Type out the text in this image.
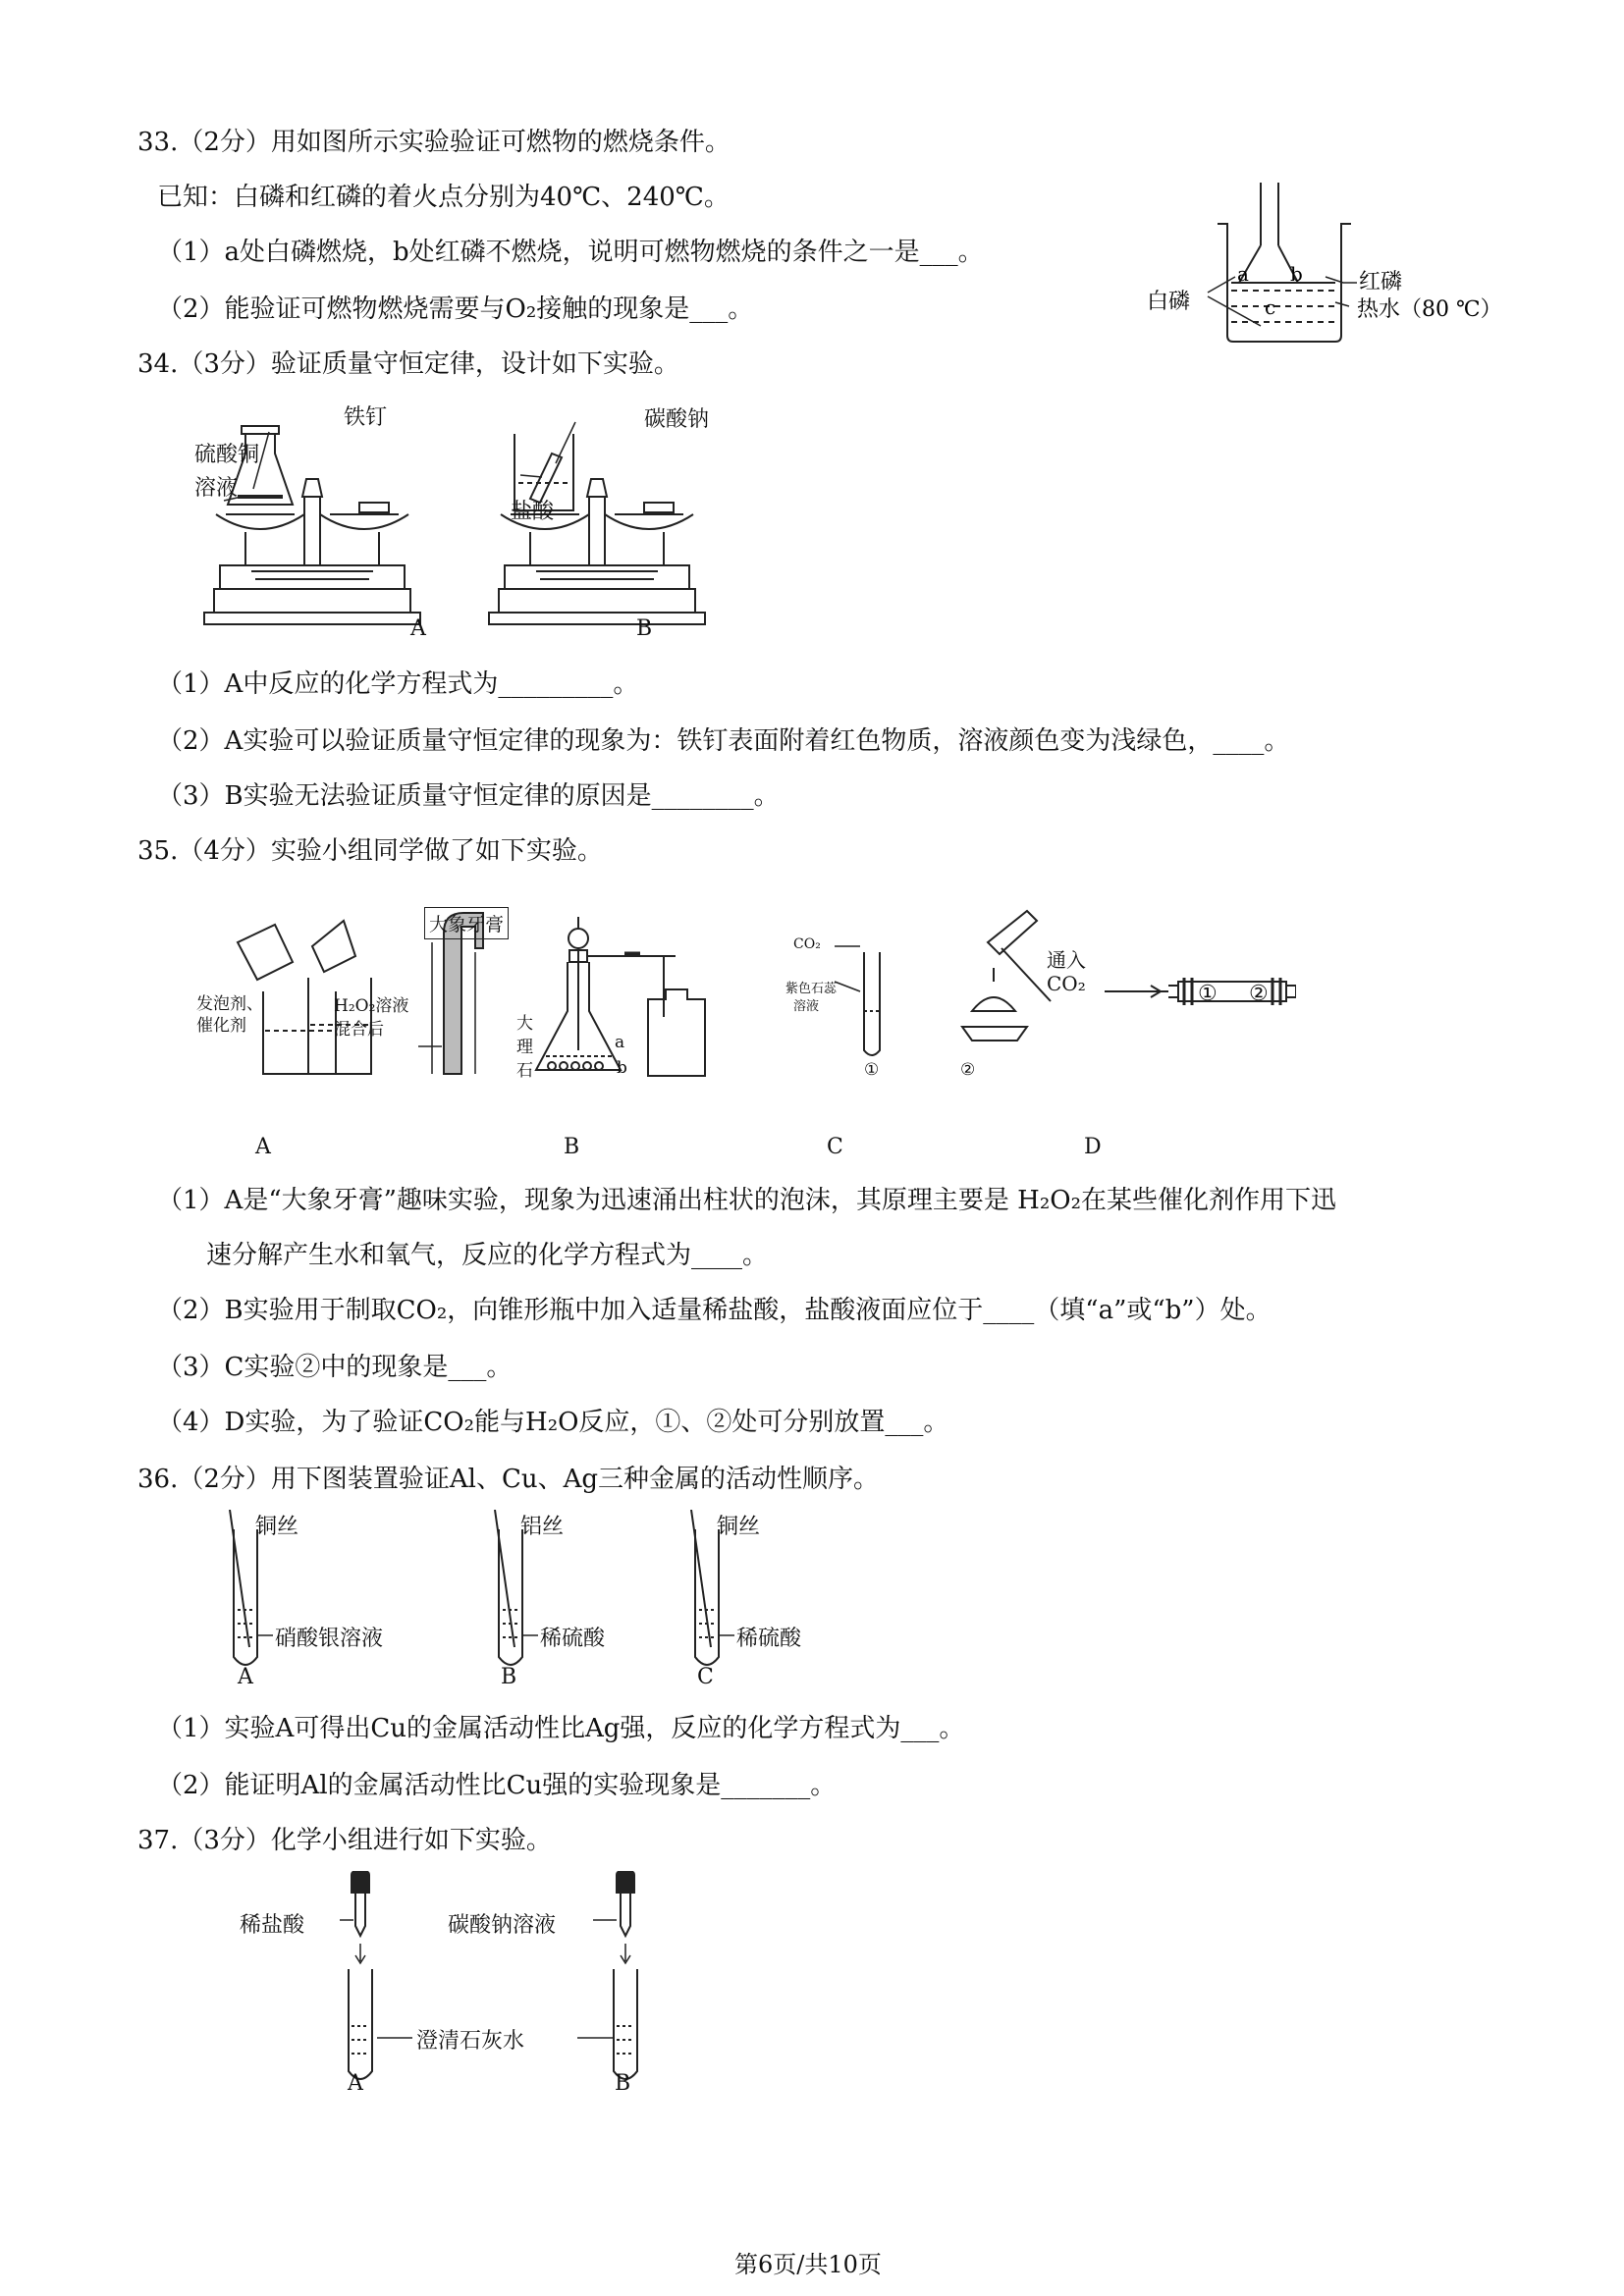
33.（2分）用如图所示实验验证可燃物的燃烧条件。
已知：白磷和红磷的着火点分别为40℃、240℃。
（1）a处白磷燃烧，b处红磷不燃烧，说明可燃物燃烧的条件之一是___。
（2）能验证可燃物燃烧需要与O₂接触的现象是___。
a b
c
红磷
白磷	热水（80 ℃）
34.（3分）验证质量守恒定律，设计如下实验。
铁钉
硫酸铜
溶液
碳酸钠
盐酸
A	B
（1）A中反应的化学方程式为_________。
（2）A实验可以验证质量守恒定律的现象为：铁钉表面附着红色物质，溶液颜色变为浅绿色，____。
（3）B实验无法验证质量守恒定律的原因是________。
35.（4分）实验小组同学做了如下实验。
大象牙膏
发泡剂、
催化剂
H₂O₂溶液
混合后	大
理
石
a
b
CO₂
紫色石蕊
溶液
①	②
通入
CO₂	① ②
A	B	C	D
（1）A是“大象牙膏”趣味实验，现象为迅速涌出柱状的泡沫，其原理主要是 H₂O₂在某些催化剂作用下迅
速分解产生水和氧气，反应的化学方程式为____。
（2）B实验用于制取CO₂，向锥形瓶中加入适量稀盐酸，盐酸液面应位于____（填“a”或“b”）处。
（3）C实验②中的现象是___。
（4）D实验，为了验证CO₂能与H₂O反应，①、②处可分别放置___。
36.（2分）用下图装置验证Al、Cu、Ag三种金属的活动性顺序。
铜丝	铝丝	铜丝
硝酸银溶液	稀硫酸	稀硫酸
A	B	C
（1）实验A可得出Cu的金属活动性比Ag强，反应的化学方程式为___。
（2）能证明Al的金属活动性比Cu强的实验现象是_______。
37.（3分）化学小组进行如下实验。
稀盐酸	碳酸钠溶液
澄清石灰水
A	B
第6页/共10页
